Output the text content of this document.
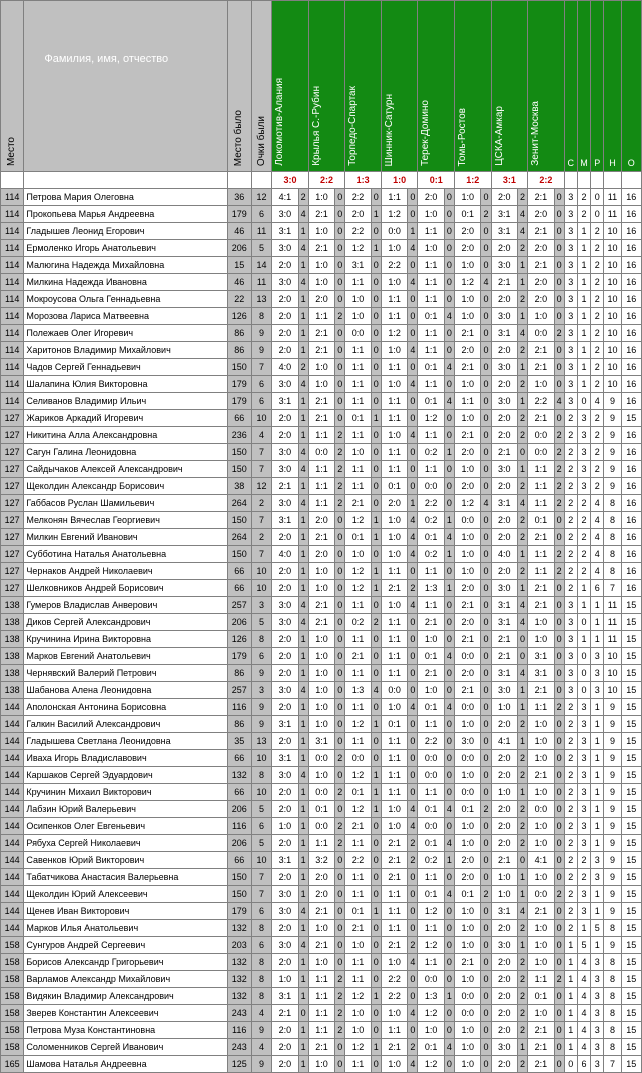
Место	Фамилия, имя, отчество	Место было	Очки были	Локомотив-Алания		Крылья С.-Рубин		Торпедо-Спартак		Шинник-Сатурн		Терек-Домино		Томь-Ростов		ЦСКА-Амкар		Зенит-Москва		С	М	Р	Н	О
				3:0		2:2		1:3		1:0		0:1		1:2		3:1		2:2						
114	Петрова Мария Олеговна	36	12	4:1	2	1:0	0	2:2	0	1:1	0	2:0	0	1:0	0	2:0	2	2:1	0	3	2	0	11	16
114	Прокопьева Марья Андреевна	179	6	3:0	4	2:1	0	2:0	1	1:2	0	1:0	0	0:1	2	3:1	4	2:0	0	3	2	0	11	16
114	Гладышев Леонид Егорович	46	11	3:1	1	1:0	0	2:2	0	0:0	1	1:1	0	2:0	0	3:1	4	2:1	0	3	1	2	10	16
114	Ермоленко Игорь Анатольевич	206	5	3:0	4	2:1	0	1:2	1	1:0	4	1:0	0	2:0	0	2:0	2	2:0	0	3	1	2	10	16
114	Малюгина Надежда Михайловна	15	14	2:0	1	1:0	0	3:1	0	2:2	0	1:1	0	1:0	0	3:0	1	2:1	0	3	1	2	10	16
114	Милкина Надежда Ивановна	46	11	3:0	4	1:0	0	1:1	0	1:0	4	1:1	0	1:2	4	2:1	1	2:0	0	3	1	2	10	16
114	Мокроусова Ольга Геннадьевна	22	13	2:0	1	2:0	0	1:0	0	1:1	0	1:1	0	1:0	0	2:0	2	2:0	0	3	1	2	10	16
114	Морозова Лариса Матвеевна	126	8	2:0	1	1:1	2	1:0	0	1:1	0	0:1	4	1:0	0	3:0	1	1:0	0	3	1	2	10	16
114	Полежаев Олег Игоревич	86	9	2:0	1	2:1	0	0:0	0	1:2	0	1:1	0	2:1	0	3:1	4	0:0	2	3	1	2	10	16
114	Харитонов Владимир Михайлович	86	9	2:0	1	2:1	0	1:1	0	1:0	4	1:1	0	2:0	0	2:0	2	2:1	0	3	1	2	10	16
114	Чадов Сергей Геннадьевич	150	7	4:0	2	1:0	0	1:1	0	1:1	0	0:1	4	2:1	0	3:0	1	2:1	0	3	1	2	10	16
114	Шалапина Юлия Викторовна	179	6	3:0	4	1:0	0	1:1	0	1:0	4	1:1	0	1:0	0	2:0	2	1:0	0	3	1	2	10	16
114	Селиванов Владимир Ильич	179	6	3:1	1	2:1	0	1:1	0	1:1	0	0:1	4	1:1	0	3:0	1	2:2	4	3	0	4	9	16
127	Жариков Аркадий Игоревич	66	10	2:0	1	2:1	0	0:1	1	1:1	0	1:2	0	1:0	0	2:0	2	2:1	0	2	3	2	9	15
127	Никитина Алла Александровна	236	4	2:0	1	1:1	2	1:1	0	1:0	4	1:1	0	2:1	0	2:0	2	0:0	2	2	3	2	9	16
127	Сагун Галина Леонидовна	150	7	3:0	4	0:0	2	1:0	0	1:1	0	0:2	1	2:0	0	2:1	0	0:0	2	2	3	2	9	16
127	Сайдычаков Алексей Александрович	150	7	3:0	4	1:1	2	1:1	0	1:1	0	1:1	0	1:0	0	3:0	1	1:1	2	2	3	2	9	16
127	Щеколдин Александр Борисович	38	12	2:1	1	1:1	2	1:1	0	0:1	0	0:0	0	2:0	0	2:0	2	1:1	2	2	3	2	9	16
127	Габбасов Руслан Шамильевич	264	2	3:0	4	1:1	2	2:1	0	2:0	1	2:2	0	1:2	4	3:1	4	1:1	2	2	2	4	8	16
127	Мелконян Вячеслав Георгиевич	150	7	3:1	1	2:0	0	1:2	1	1:0	4	0:2	1	0:0	0	2:0	2	0:1	0	2	2	4	8	16
127	Милкин Евгений Иванович	264	2	2:0	1	2:1	0	0:1	1	1:0	4	0:1	4	1:0	0	2:0	2	2:1	0	2	2	4	8	16
127	Субботина Наталья Анатольевна	150	7	4:0	1	2:0	0	1:0	0	1:0	4	0:2	1	1:0	0	4:0	1	1:1	2	2	2	4	8	16
127	Чернаков Андрей Николаевич	66	10	2:0	1	1:0	0	1:2	1	1:1	0	1:1	0	1:0	0	2:0	2	1:1	2	2	2	4	8	16
127	Шелковников Андрей Борисович	66	10	2:0	1	1:0	0	1:2	1	2:1	2	1:3	1	2:0	0	3:0	1	2:1	0	2	1	6	7	16
138	Гумеров Владислав Анверович	257	3	3:0	4	2:1	0	1:1	0	1:0	4	1:1	0	2:1	0	3:1	4	2:1	0	3	1	1	11	15
138	Диков Сергей Александрович	206	5	3:0	4	2:1	0	0:2	2	1:1	0	2:1	0	2:0	0	3:1	4	1:0	0	3	0	1	11	15
138	Кручинина Ирина Викторовна	126	8	2:0	1	1:0	0	1:1	0	1:1	0	1:0	0	2:1	0	2:1	0	1:0	0	3	1	1	11	15
138	Марков Евгений Анатольевич	179	6	2:0	1	1:0	0	2:1	0	1:1	0	0:1	4	0:0	0	2:1	0	3:1	0	3	0	3	10	15
138	Чернявский Валерий Петрович	86	9	2:0	1	1:0	0	1:1	0	1:1	0	2:1	0	2:0	0	3:1	4	3:1	0	3	0	3	10	15
138	Шабанова Алена Леонидовна	257	3	3:0	4	1:0	0	1:3	4	0:0	0	1:0	0	2:1	0	3:0	1	2:1	0	3	0	3	10	15
144	Аполонская Антонина Борисовна	116	9	2:0	1	1:0	0	1:1	0	1:0	4	0:1	4	0:0	0	1:0	1	1:1	2	2	3	1	9	15
144	Галкин Василий Александрович	86	9	3:1	1	1:0	0	1:2	1	0:1	0	1:1	0	1:0	0	2:0	2	1:0	0	2	3	1	9	15
144	Гладышева Светлана Леонидовна	35	13	2:0	1	3:1	0	1:1	0	1:1	0	2:2	0	3:0	0	4:1	1	1:0	0	2	3	1	9	15
144	Иваха Игорь Владиславович	66	10	3:1	1	0:0	2	0:0	0	1:1	0	0:0	0	0:0	0	2:0	2	1:0	0	2	3	1	9	15
144	Каршаков Сергей Эдуардович	132	8	3:0	4	1:0	0	1:2	1	1:1	0	0:0	0	1:0	0	2:0	2	2:1	0	2	3	1	9	15
144	Кручинин Михаил Викторович	66	10	2:0	1	0:0	2	0:1	1	1:1	0	1:1	0	0:0	0	1:0	1	1:0	0	2	3	1	9	15
144	Лабзин Юрий Валерьевич	206	5	2:0	1	0:1	0	1:2	1	1:0	4	0:1	4	0:1	2	2:0	2	0:0	0	2	3	1	9	15
144	Осипенков Олег Евгеньевич	116	6	1:0	1	0:0	2	2:1	0	1:0	4	0:0	0	1:0	0	2:0	2	1:0	0	2	3	1	9	15
144	Рябуха Сергей Николаевич	206	5	2:0	1	1:1	2	1:1	0	2:1	2	0:1	4	1:0	0	2:0	2	1:0	0	2	3	1	9	15
144	Савенков Юрий Викторович	66	10	3:1	1	3:2	0	2:2	0	2:1	2	0:2	1	2:0	0	2:1	0	4:1	0	2	2	3	9	15
144	Табатчикова Анастасия Валерьевна	150	7	2:0	1	2:0	0	1:1	0	2:1	0	1:1	0	2:0	0	1:0	1	1:0	0	2	2	3	9	15
144	Щеколдин Юрий Алексеевич	150	7	3:0	1	2:0	0	1:1	0	1:1	0	0:1	4	0:1	2	1:0	1	0:0	2	2	3	1	9	15
144	Щенев Иван Викторович	179	6	3:0	4	2:1	0	0:1	1	1:1	0	1:2	0	1:0	0	3:1	4	2:1	0	2	3	1	9	15
144	Марков Илья Анатольевич	132	8	2:0	1	1:0	0	2:1	0	1:1	0	1:1	0	1:0	0	2:0	2	1:0	0	2	1	5	8	15
158	Сунгуров Андрей Сергеевич	203	6	3:0	4	2:1	0	1:0	0	2:1	2	1:2	0	1:0	0	3:0	1	1:0	0	1	5	1	9	15
158	Борисов Александр Григорьевич	132	8	2:0	1	1:0	0	1:1	0	1:0	4	1:1	0	2:1	0	2:0	2	1:0	0	1	4	3	8	15
158	Варламов Александр Михайлович	132	8	1:0	1	1:1	2	1:1	0	2:2	0	0:0	0	1:0	0	2:0	2	1:1	2	1	4	3	8	15
158	Видякин Владимир Александрович	132	8	3:1	1	1:1	2	1:2	1	2:2	0	1:3	1	0:0	0	2:0	2	0:1	0	1	4	3	8	15
158	Зверев Константин Алексеевич	243	4	2:1	0	1:1	2	1:0	0	1:0	4	1:2	0	0:0	0	2:0	2	1:0	0	1	4	3	8	15
158	Петрова Муза Константиновна	116	9	2:0	1	1:1	2	1:0	0	1:1	0	1:0	0	1:0	0	2:0	2	2:1	0	1	4	3	8	15
158	Соломенников Сергей Иванович	243	4	2:0	1	2:1	0	1:2	1	2:1	2	0:1	4	1:0	0	3:0	1	2:1	0	1	4	3	8	15
165	Шамова Наталья Андреевна	125	9	2:0	1	1:0	0	1:1	0	1:0	4	1:2	0	1:0	0	2:0	2	2:1	0	0	6	3	7	15
